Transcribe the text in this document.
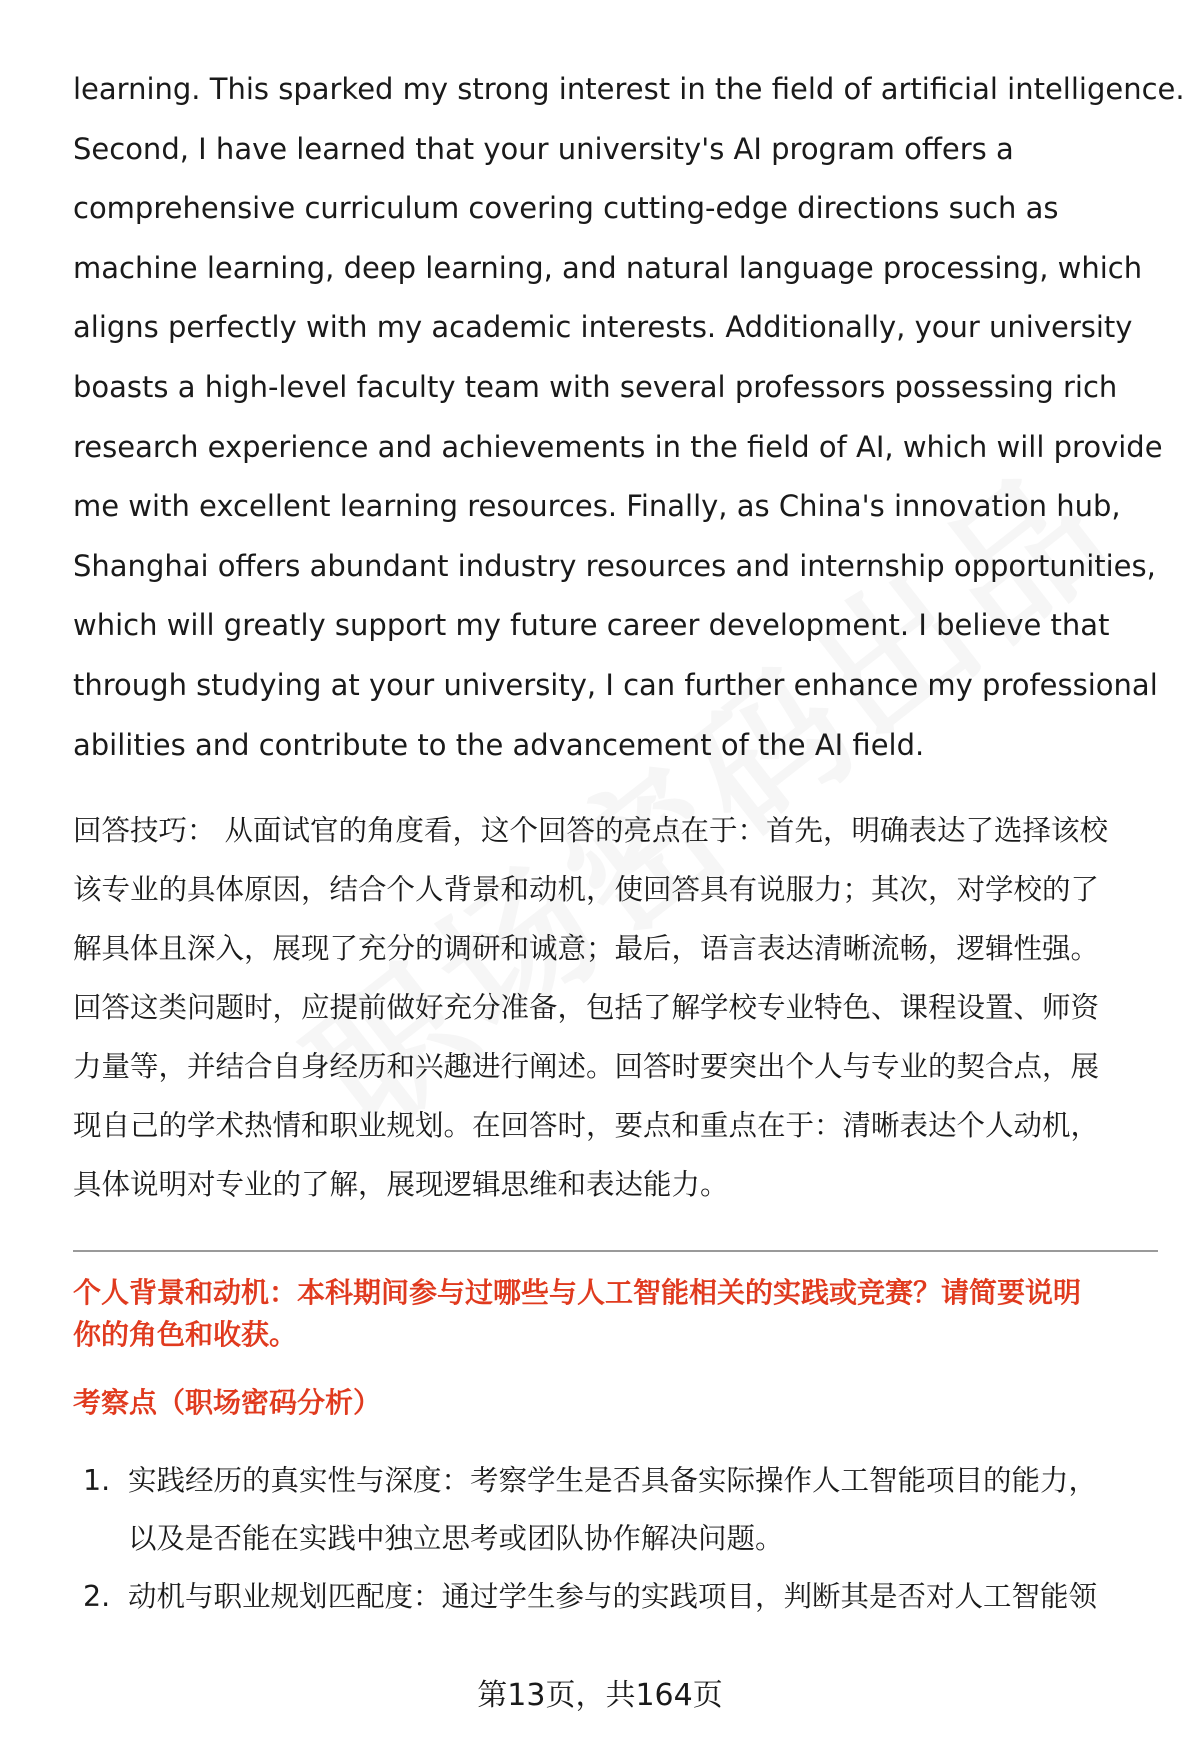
learning. This sparked my strong interest in the field of artificial intelligence.
Second, I have learned that your university's AI program offers a
comprehensive curriculum covering cutting-edge directions such as
machine learning, deep learning, and natural language processing, which
aligns perfectly with my academic interests. Additionally, your university
boasts a high-level faculty team with several professors possessing rich
research experience and achievements in the field of AI, which will provide
me with excellent learning resources. Finally, as China's innovation hub,
Shanghai offers abundant industry resources and internship opportunities,
which will greatly support my future career development. I believe that
through studying at your university, I can further enhance my professional
abilities and contribute to the advancement of the AI field.
回答技巧： 从面试官的角度看，这个回答的亮点在于：首先，明确表达了选择该校
该专业的具体原因，结合个人背景和动机，使回答具有说服力；其次，对学校的了
解具体且深入，展现了充分的调研和诚意；最后，语言表达清晰流畅，逻辑性强。
回答这类问题时，应提前做好充分准备，包括了解学校专业特色、课程设置、师资
力量等，并结合自身经历和兴趣进行阐述。回答时要突出个人与专业的契合点，展
现自己的学术热情和职业规划。在回答时，要点和重点在于：清晰表达个人动机，
具体说明对专业的了解，展现逻辑思维和表达能力。
个人背景和动机：本科期间参与过哪些与人工智能相关的实践或竞赛？请简要说明
你的角色和收获。
考察点（职场密码分析）
1. 实践经历的真实性与深度：考察学生是否具备实际操作人工智能项目的能力，
以及是否能在实践中独立思考或团队协作解决问题。
2. 动机与职业规划匹配度：通过学生参与的实践项目，判断其是否对人工智能领
第13页，共164页
